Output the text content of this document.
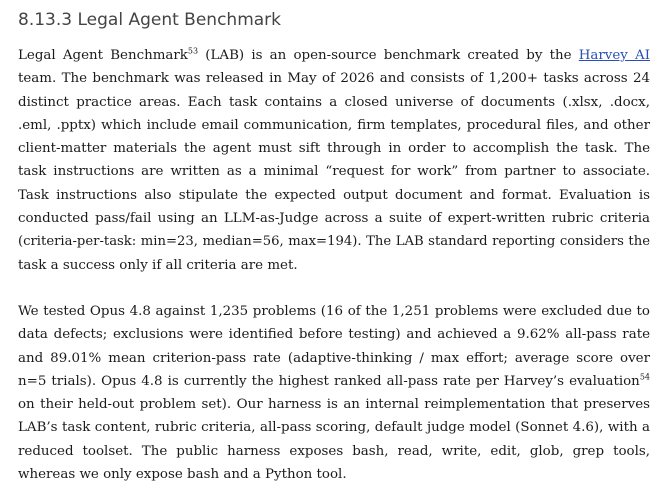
8.13.3 Legal Agent Benchmark

Legal Agent Benchmark$^{53}$ (LAB) is an open-source benchmark created by the Harvey AI
team. The benchmark was released in May of 2026 and consists of 1,200+ tasks across 24
distinct practice areas. Each task contains a closed universe of documents (.xlsx, .docx,
.eml, .pptx) which include email communication, firm templates, procedural files, and other
client-matter materials the agent must sift through in order to accomplish the task. The
task instructions are written as a minimal “request for work” from partner to associate.
Task instructions also stipulate the expected output document and format. Evaluation is
conducted pass/fail using an LLM-as-Judge across a suite of expert-written rubric criteria
(criteria-per-task: min=23, median=56, max=194). The LAB standard reporting considers the
task a success only if all criteria are met.

We tested Opus 4.8 against 1,235 problems (16 of the 1,251 problems were excluded due to
data defects; exclusions were identified before testing) and achieved a 9.62% all-pass rate
and 89.01% mean criterion-pass rate (adaptive-thinking / max effort; average score over
n=5 trials). Opus 4.8 is currently the highest ranked all-pass rate per Harvey’s evaluation$^{54}$
on their held-out problem set). Our harness is an internal reimplementation that preserves
LAB’s task content, rubric criteria, all-pass scoring, default judge model (Sonnet 4.6), with a
reduced toolset. The public harness exposes bash, read, write, edit, glob, grep tools,
whereas we only expose bash and a Python tool.
